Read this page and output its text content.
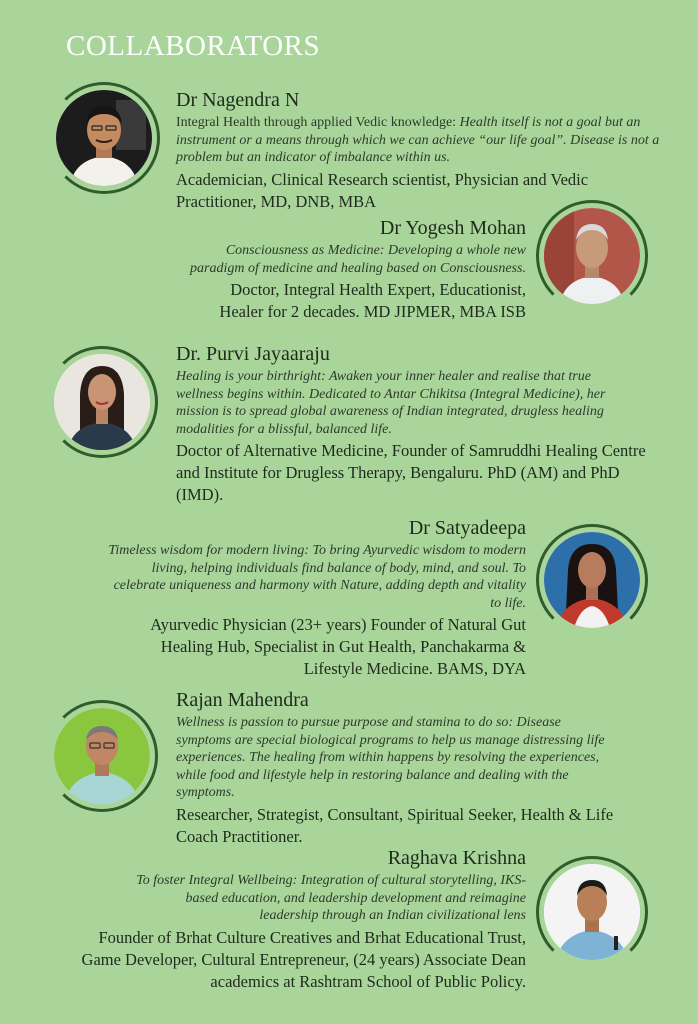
COLLABORATORS

Dr Nagendra N

Integral Health through applied Vedic knowledge: Health itself is not a goal but an instrument or a means through which we can achieve “our life goal”. Disease is not a problem but an indicator of imbalance within us.

Academician, Clinical Research scientist, Physician and Vedic Practitioner, MD, DNB, MBA

Dr Yogesh Mohan

Consciousness as Medicine: Developing a whole new paradigm of medicine and healing based on Consciousness.

Doctor, Integral Health Expert, Educationist, Healer for 2 decades. MD JIPMER, MBA ISB

Dr. Purvi Jayaaraju

Healing is your birthright: Awaken your inner healer and realise that true wellness begins within. Dedicated to Antar Chikitsa (Integral Medicine), her mission is to spread global awareness of Indian integrated, drugless healing modalities for a blissful, balanced life.

Doctor of Alternative Medicine, Founder of Samruddhi Healing Centre and Institute for Drugless Therapy, Bengaluru. PhD (AM) and PhD (IMD).

Dr Satyadeepa

Timeless wisdom for modern living: To bring Ayurvedic wisdom to modern living, helping individuals find balance of body, mind, and soul. To celebrate uniqueness and harmony with Nature, adding depth and vitality to life.

Ayurvedic Physician (23+ years) Founder of Natural Gut Healing Hub, Specialist in Gut Health, Panchakarma & Lifestyle Medicine. BAMS, DYA

Rajan Mahendra

Wellness is passion to pursue purpose and stamina to do so: Disease symptoms are special biological programs to help us manage distressing life experiences. The healing from within happens by resolving the experiences, while food and lifestyle help in restoring balance and dealing with the symptoms.

Researcher, Strategist, Consultant, Spiritual Seeker, Health & Life Coach Practitioner.

Raghava Krishna

To foster Integral Wellbeing: Integration of cultural storytelling, IKS-based education, and leadership development and reimagine leadership through an Indian civilizational lens

Founder of Brhat Culture Creatives and Brhat Educational Trust, Game Developer, Cultural Entrepreneur, (24 years) Associate Dean academics at Rashtram School of Public Policy.
